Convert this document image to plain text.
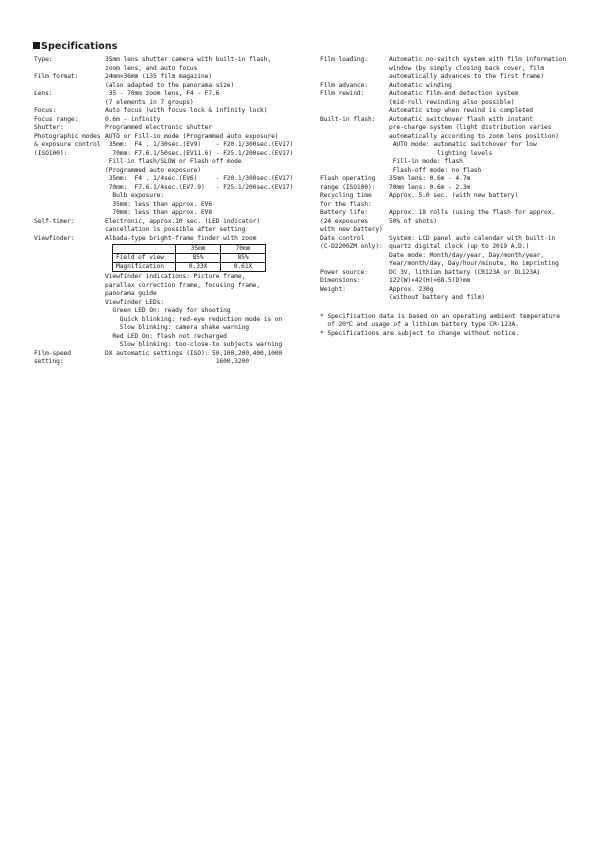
Specifications
Type:	35mm lens shutter camera with built-in flash,
zoom lens, and auto focus
Film format:	24mm×36mm (135 film magazine)
(also adapted to the panorama size)
Lens:	35 - 70mm zoom lens, F4 - F7.6
(7 elements in 7 groups)
Focus:	Auto focus (with focus lock & infinity lock)
Focus range:	0.6m - infinity
Shutter:	Programmed electronic shutter
Photographic modes AUTO or Fill-in mode (Programmed auto exposure)
& exposure control 35mm:  F4 . 1/30sec.(EV9)    - F20.1/300sec.(EV17)
(ISO100):	70mm: F7.6.1/50sec.(EV11.6) - F25.1/200sec.(EV17)
Fill-in flash/SLOW or Flash off mode
(Programmed auto exposure)
35mm:  F4 . 1/4sec.(EV6)     - F20.1/300sec.(EV17)
70mm:  F7.6.1/4sec.(EV7.9)   - F25.1/200sec.(EV17)
Bulb exposure:
35mm: less than approx. EV6
70mm: less than approx. EV8
Self-timer:	Electronic, approx.10 sec. (LED indicator)
cancellation is possible after setting
Viewfinder:	Albada-type bright-frame finder with zoom
	35mm	70mm
Field of view	85%	85%
Magnification	0.33X	0.61X
Viewfinder indications: Picture frame,
parallax correction frame, focusing frame,
panorama guide
Viewfinder LEDs:
Green LED On: ready for shooting
Quick blinking: red-eye reduction mode is on
Slow blinking: camera shake warning
Red LED On: flash not recharged
Slow blinking: too-close-to subjects warning
Film-speed	DX automatic settings (ISO): 50,100,200,400,1000
setting:	1600,3200
Film loading:	Automatic no-switch system with film information
window (by simply closing back cover, film
automatically advances to the first frame)
Film advance:	Automatic winding
Film rewind:	Automatic film-end detection system
(mid-roll rewinding also possible)
Automatic stop when rewind is completed
Built-in flash:	Automatic switchover flash with instant
pre-charge system (light distribution varies
automatically according to zoom lens position)
AUTO mode: automatic switchover for low
lighting levels
Fill-in mode: flash
Flash-off mode: no flash
Flash operating	35mm lens: 0.6m - 4.7m
range (ISO100):	70mm lens: 0.6m - 2.3m
Recycling time	Approx. 5.0 sec. (with new battery)
for the flash:

Battery life:	Approx. 18 rolls (using the flash for approx.
(24 exposures	50% of shots)
with new battery)

Date control	System: LCD panel auto calendar with built-in
(C-D2200ZM only): quartz digital clock (up to 2019 A.D.)
Date mode: Month/day/year, Day/month/year,
Year/month/day, Day/hour/minute, No imprinting
Power source:	DC 3V, lithium battery (CR123A or DL123A)
Dimensions:	122(W)×42(H)×68.5(D)mm
Weight:	Approx. 230g
(without battery and film)
* Specification data is based on an operating ambient temperature
of 20℃ and usage of a lithium battery type CR-123A.
* Specifications are subject to change without notice.
